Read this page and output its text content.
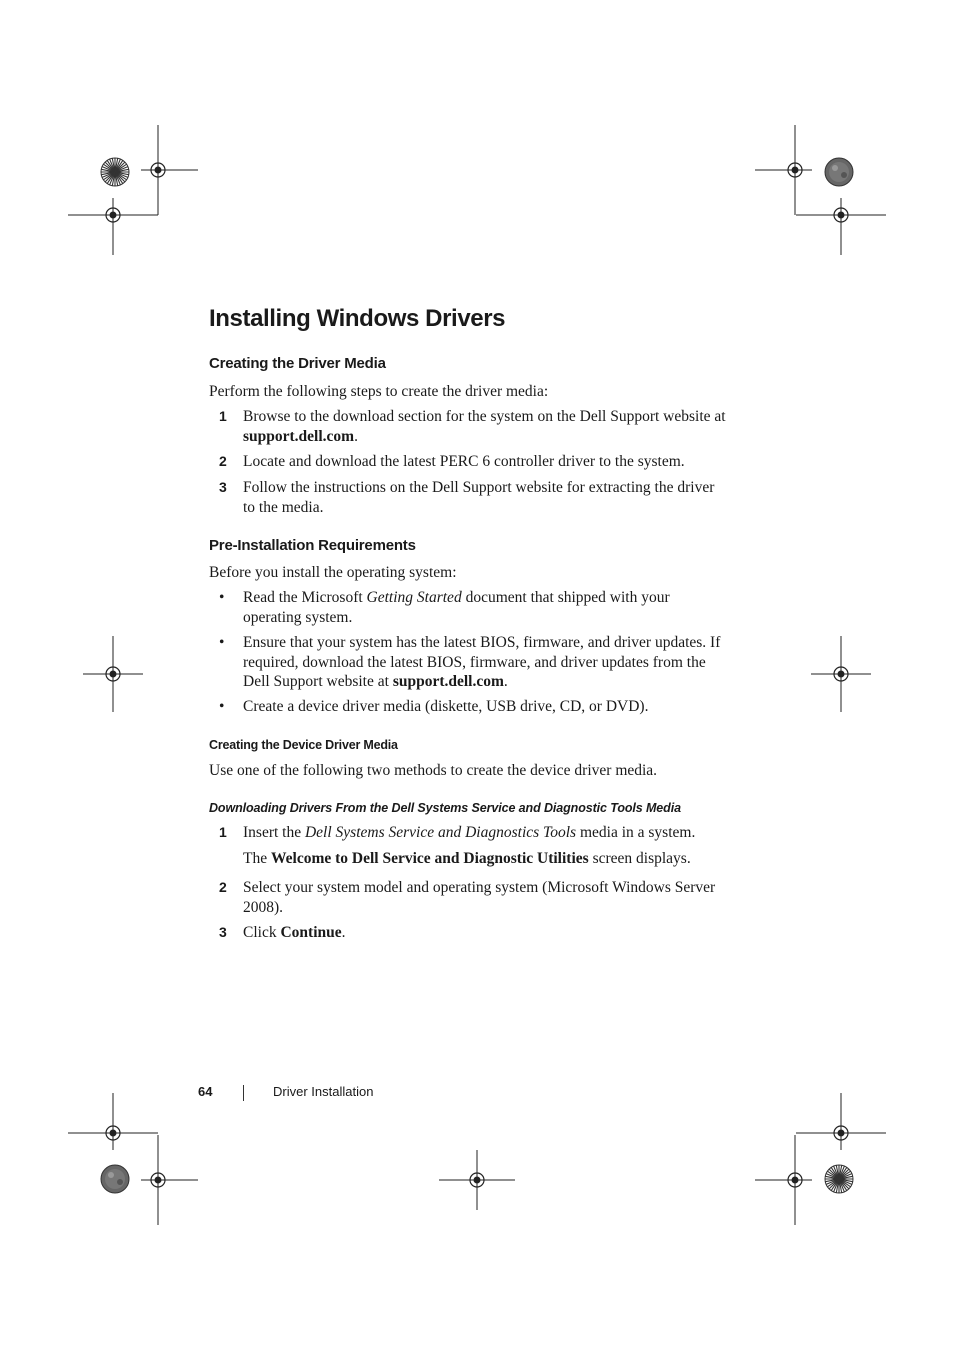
Installing Windows Drivers
Creating the Driver Media

Perform the following steps to create the driver media:

1 Browse to the download section for the system on the Dell Support website at support.dell.com.
2 Locate and download the latest PERC 6 controller driver to the system.
3 Follow the instructions on the Dell Support website for extracting the driver to the media.
Pre-Installation Requirements

Before you install the operating system:

• Read the Microsoft Getting Started document that shipped with your operating system.
• Ensure that your system has the latest BIOS, firmware, and driver updates. If required, download the latest BIOS, firmware, and driver updates from the Dell Support website at support.dell.com.
• Create a device driver media (diskette, USB drive, CD, or DVD).
Creating the Device Driver Media

Use one of the following two methods to create the device driver media.

Downloading Drivers From the Dell Systems Service and Diagnostic Tools Media
1 Insert the Dell Systems Service and Diagnostics Tools media in a system.
The Welcome to Dell Service and Diagnostic Utilities screen displays.
2 Select your system model and operating system (Microsoft Windows Server 2008).
3 Click Continue.
64	Driver Installation
